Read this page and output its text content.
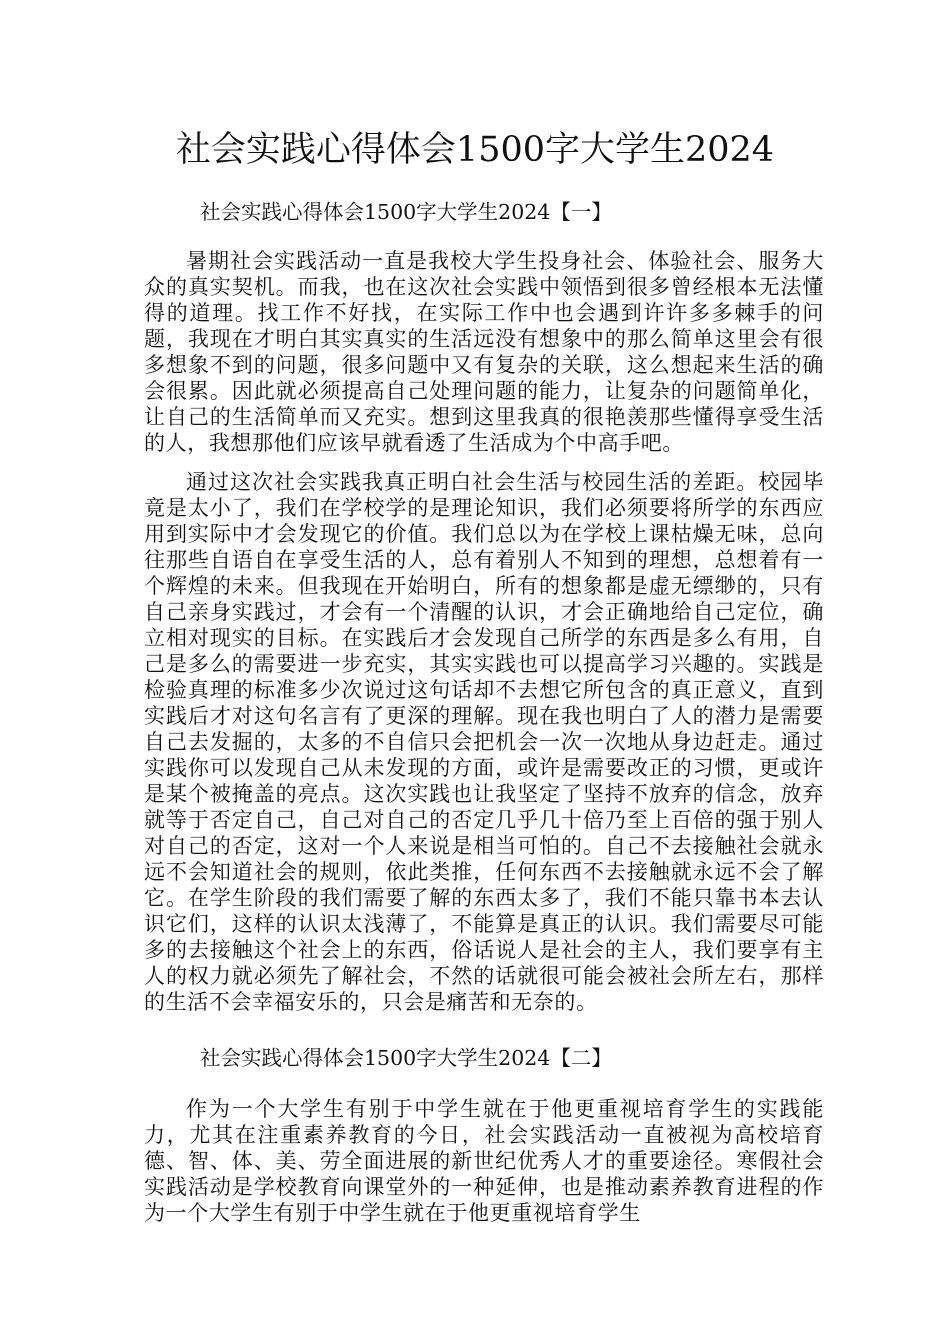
社会实践心得体会1500字大学生2024
社会实践心得体会1500字大学生2024【一】
暑期社会实践活动一直是我校大学生投身社会、体验社会、服务大众的真实契机。而我，也在这次社会实践中领悟到很多曾经根本无法懂得的道理。找工作不好找，在实际工作中也会遇到许许多多棘手的问题，我现在才明白其实真实的生活远没有想象中的那么简单这里会有很多想象不到的问题，很多问题中又有复杂的关联，这么想起来生活的确会很累。因此就必须提高自己处理问题的能力，让复杂的问题简单化，让自己的生活简单而又充实。想到这里我真的很艳羡那些懂得享受生活的人，我想那他们应该早就看透了生活成为个中高手吧。
通过这次社会实践我真正明白社会生活与校园生活的差距。校园毕竟是太小了，我们在学校学的是理论知识，我们必须要将所学的东西应用到实际中才会发现它的价值。我们总以为在学校上课枯燥无味，总向往那些自语自在享受生活的人，总有着别人不知到的理想，总想着有一个辉煌的未来。但我现在开始明白，所有的想象都是虚无缥缈的，只有自己亲身实践过，才会有一个清醒的认识，才会正确地给自己定位，确立相对现实的目标。在实践后才会发现自己所学的东西是多么有用，自己是多么的需要进一步充实，其实实践也可以提高学习兴趣的。实践是检验真理的标准多少次说过这句话却不去想它所包含的真正意义，直到实践后才对这句名言有了更深的理解。现在我也明白了人的潜力是需要自己去发掘的，太多的不自信只会把机会一次一次地从身边赶走。通过实践你可以发现自己从未发现的方面，或许是需要改正的习惯，更或许是某个被掩盖的亮点。这次实践也让我坚定了坚持不放弃的信念，放弃就等于否定自己，自己对自己的否定几乎几十倍乃至上百倍的强于别人对自己的否定，这对一个人来说是相当可怕的。自己不去接触社会就永远不会知道社会的规则，依此类推，任何东西不去接触就永远不会了解它。在学生阶段的我们需要了解的东西太多了，我们不能只靠书本去认识它们，这样的认识太浅薄了，不能算是真正的认识。我们需要尽可能多的去接触这个社会上的东西，俗话说人是社会的主人，我们要享有主人的权力就必须先了解社会，不然的话就很可能会被社会所左右，那样的生活不会幸福安乐的，只会是痛苦和无奈的。
社会实践心得体会1500字大学生2024【二】
作为一个大学生有别于中学生就在于他更重视培育学生的实践能力，尤其在注重素养教育的今日，社会实践活动一直被视为高校培育德、智、体、美、劳全面进展的新世纪优秀人才的重要途径。寒假社会实践活动是学校教育向课堂外的一种延伸，也是推动素养教育进程的作为一个大学生有别于中学生就在于他更重视培育学生
